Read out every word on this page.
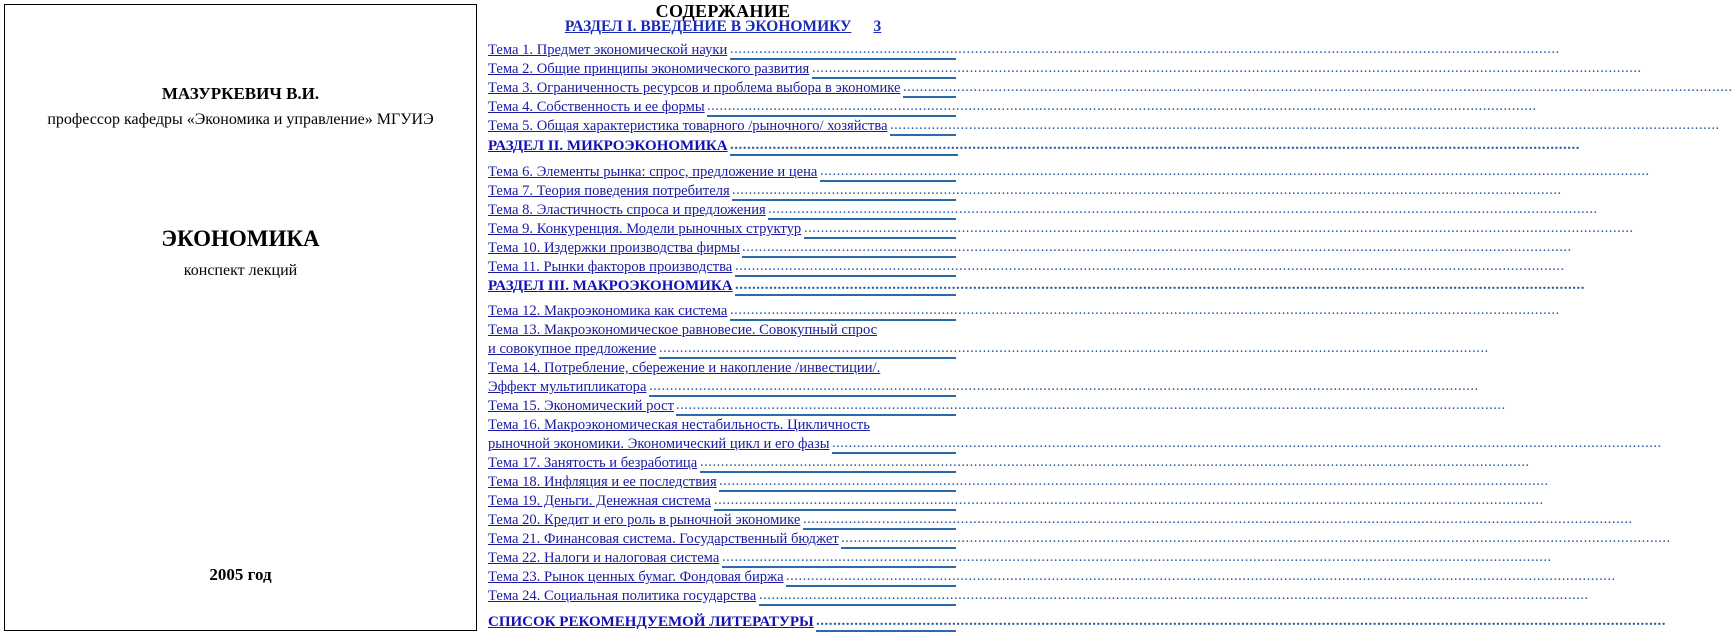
МАЗУРКЕВИЧ В.И.
профессор кафедры «Экономика и управление» МГУИЭ
ЭКОНОМИКА
конспект лекций
2005 год
СОДЕРЖАНИЕ
РАЗДЕЛ I. ВВЕДЕНИЕ В ЭКОНОМИКУ 3
Тема 1. Предмет экономической науки ........................................................................................................................................................................................................
Тема 2. Общие принципы экономического развития ........................................................................................................................................................................................................
Тема 3. Ограниченность ресурсов и проблема выбора в экономике ........................................................................................................................................................................................................
Тема 4. Собственность и ее формы ........................................................................................................................................................................................................
Тема 5. Общая характеристика товарного /рыночного/ хозяйства ........................................................................................................................................................................................................
РАЗДЕЛ II. МИКРОЭКОНОМИКА ........................................................................................................................................................................................................
Тема 6. Элементы рынка: спрос, предложение и цена ........................................................................................................................................................................................................
Тема 7. Теория поведения потребителя ........................................................................................................................................................................................................
Тема 8. Эластичность спроса и предложения ........................................................................................................................................................................................................
Тема 9. Конкуренция. Модели рыночных структур ........................................................................................................................................................................................................
Тема 10. Издержки производства фирмы ........................................................................................................................................................................................................
Тема 11. Рынки факторов производства ........................................................................................................................................................................................................
РАЗДЕЛ III. МАКРОЭКОНОМИКА ........................................................................................................................................................................................................
Тема 12. Макроэкономика как система ........................................................................................................................................................................................................
Тема 13. Макроэкономическое равновесие. Совокупный спрос
и совокупное предложение ........................................................................................................................................................................................................
Тема 14. Потребление, сбережение и накопление /инвестиции/.
Эффект мультипликатора ........................................................................................................................................................................................................
Тема 15. Экономический рост ........................................................................................................................................................................................................
Тема 16. Макроэкономическая нестабильность. Цикличность
рыночной экономики. Экономический цикл и его фазы ........................................................................................................................................................................................................
Тема 17. Занятость и безработица ........................................................................................................................................................................................................
Тема 18. Инфляция и ее последствия ........................................................................................................................................................................................................
Тема 19. Деньги. Денежная система ........................................................................................................................................................................................................
Тема 20. Кредит и его роль в рыночной экономике ........................................................................................................................................................................................................
Тема 21. Финансовая система. Государственный бюджет ........................................................................................................................................................................................................
Тема 22. Налоги и налоговая система ........................................................................................................................................................................................................
Тема 23. Рынок ценных бумаг. Фондовая биржа ........................................................................................................................................................................................................
Тема 24. Социальная политика государства ........................................................................................................................................................................................................
СПИСОК РЕКОМЕНДУЕМОЙ ЛИТЕРАТУРЫ ........................................................................................................................................................................................................
